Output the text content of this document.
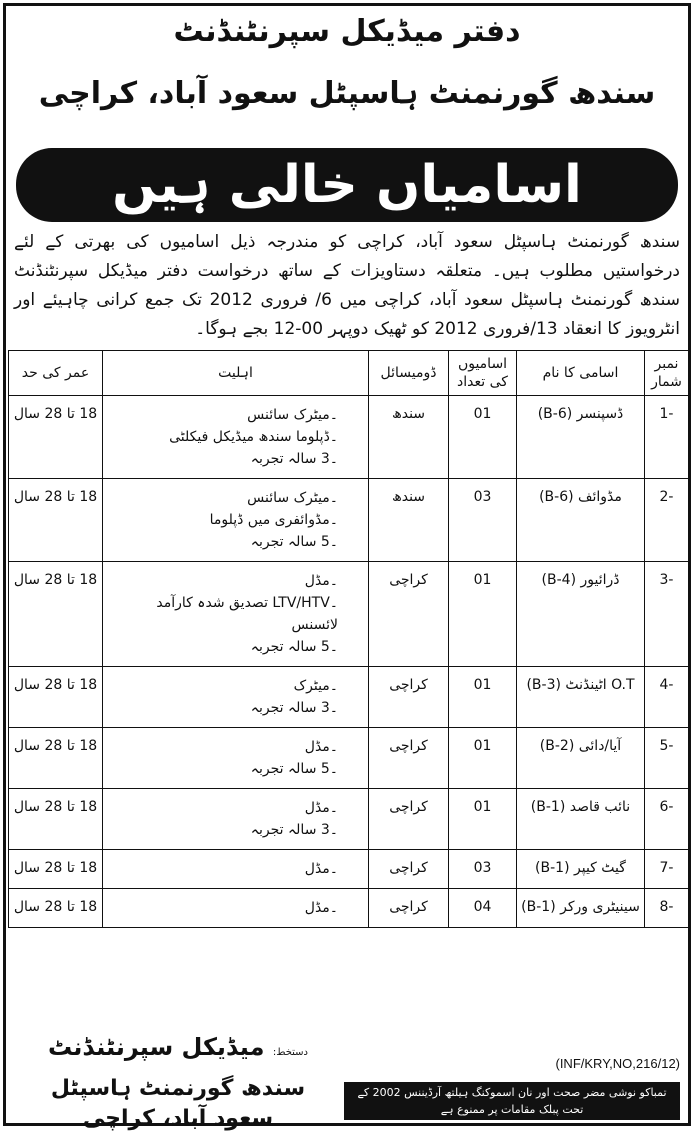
دفتر میڈیکل سپرنٹنڈنٹ
سندھ گورنمنٹ ہاسپٹل سعود آباد، کراچی
اسامیاں خالی ہیں
سندھ گورنمنٹ ہاسپٹل سعود آباد، کراچی کو مندرجہ ذیل اسامیوں کی بھرتی کے لئے درخواستیں مطلوب ہیں۔ متعلقہ دستاویزات کے ساتھ درخواست دفتر میڈیکل سپرنٹنڈنٹ سندھ گورنمنٹ ہاسپٹل سعود آباد، کراچی میں 6/ فروری 2012 تک جمع کرانی چاہیئے اور انٹرویوز کا انعقاد 13/فروری 2012 کو ٹھیک دوپہر 00-12 بجے ہوگا۔
نمبر شمار	اسامی کا نام	اسامیوں کی تعداد	ڈومیسائل	اہلیت	عمر کی حد
-1	ڈسپنسر (B-6)	01	سندھ	۔میٹرک سائنس
۔ڈپلوما سندھ میڈیکل فیکلٹی
۔3 سالہ تجربہ	18 تا 28 سال
-2	مڈوائف (B-6)	03	سندھ	۔میٹرک سائنس
۔مڈوائفری میں ڈپلوما
۔5 سالہ تجربہ	18 تا 28 سال
-3	ڈرائیور (B-4)	01	کراچی	۔مڈل
۔LTV/HTV تصدیق شدہ کارآمد لائسنس
۔5 سالہ تجربہ	18 تا 28 سال
-4	O.T اٹینڈنٹ (B-3)	01	کراچی	۔میٹرک
۔3 سالہ تجربہ	18 تا 28 سال
-5	آیا/دائی (B-2)	01	کراچی	۔مڈل
۔5 سالہ تجربہ	18 تا 28 سال
-6	نائب قاصد (B-1)	01	کراچی	۔مڈل
۔3 سالہ تجربہ	18 تا 28 سال
-7	گیٹ کیپر (B-1)	03	کراچی	۔مڈل	18 تا 28 سال
-8	سینیٹری ورکر (B-1)	04	کراچی	۔مڈل	18 تا 28 سال
دستخط: میڈیکل سپرنٹنڈنٹ
سندھ گورنمنٹ ہاسپٹل سعود آباد، کراچی
(INF/KRY,NO,216/12)
تمباکو نوشی مضر صحت اور نان اسموکنگ ہیلتھ آرڈیننس 2002 کے تحت پبلک مقامات پر ممنوع ہے
